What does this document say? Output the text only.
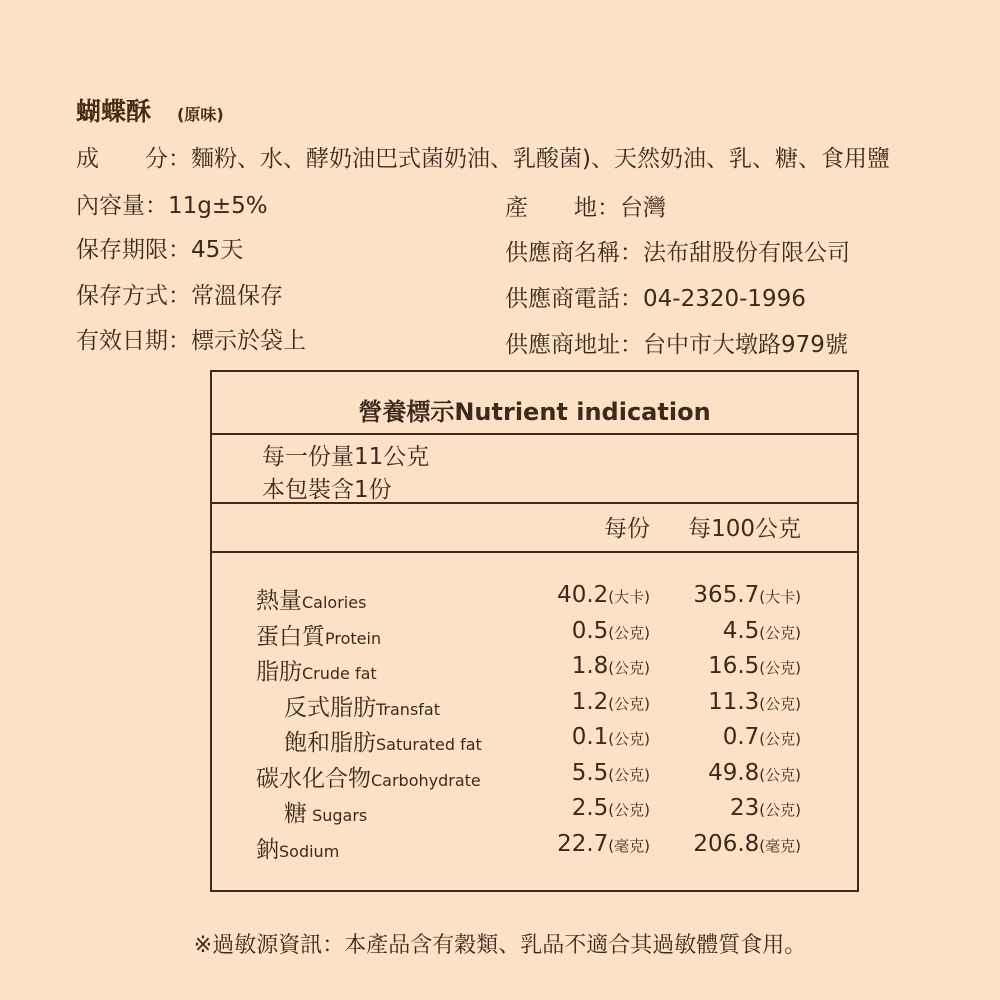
蝴蝶酥 (原味)
成　　分：麵粉、水、酵奶油巴式菌奶油、乳酸菌)、天然奶油、乳、糖、食用鹽
內容量：11g±5%
保存期限：45天
保存方式：常溫保存
有效日期：標示於袋上
產　　地：台灣
供應商名稱：法布甜股份有限公司
供應商電話：04-2320-1996
供應商地址：台中市大墩路979號
營養標示Nutrient indication
每一份量11公克
本包裝含1份
每份 每100公克
熱量Calories	40.2(大卡) 365.7(大卡)
蛋白質Protein	0.5(公克)	4.5(公克)
脂肪Crude fat	1.8(公克)	16.5(公克)
反式脂肪Transfat	1.2(公克)	11.3(公克)
飽和脂肪Saturated fat	0.1(公克)	0.7(公克)
碳水化合物Carbohydrate	5.5(公克)	49.8(公克)
糖 Sugars	2.5(公克)	23(公克)
鈉Sodium	22.7(毫克) 206.8(毫克)
※過敏源資訊：本產品含有穀類、乳品不適合其過敏體質食用。
